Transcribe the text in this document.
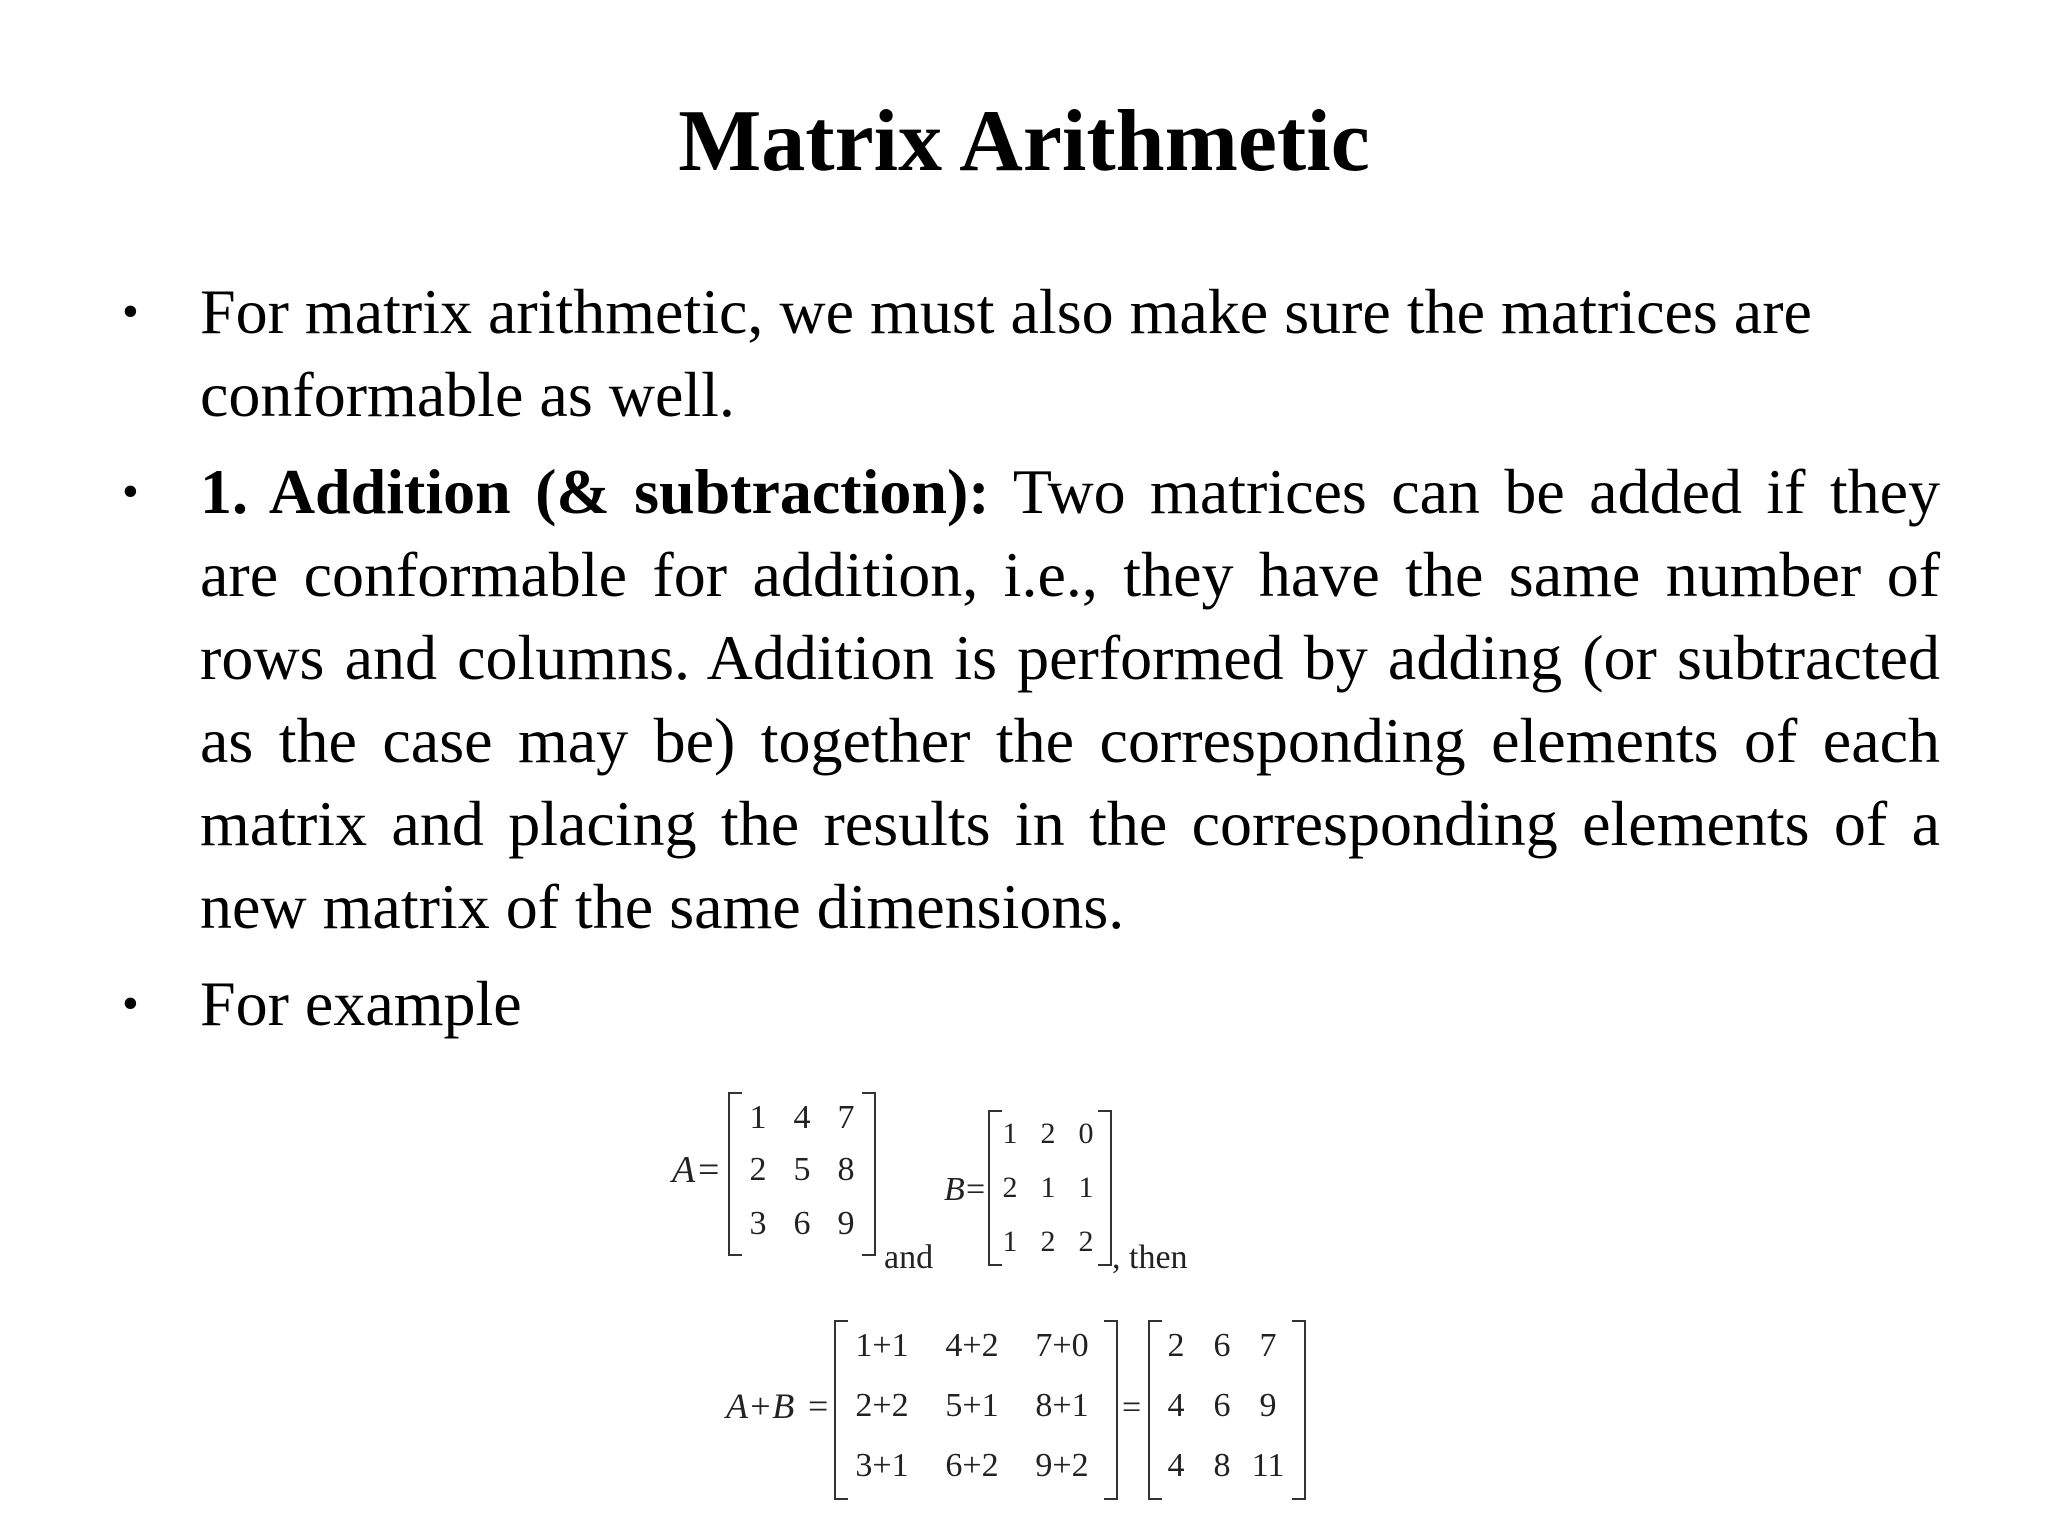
Matrix Arithmetic
• For matrix arithmetic, we must also make sure the matrices are conformable as well.
• 1. Addition (& subtraction): Two matrices can be added if they are conformable for addition, i.e., they have the same number of rows and columns. Addition is performed by adding (or subtracted as the case may be) together the corresponding elements of each matrix and placing the results in the corresponding elements of a new matrix of the same dimensions.
• For example
A =
1 4 7
2 5 8
3 6 9
and
B =
1 2 0
2 1 1
1 2 2 , then
A+B =
1+1	4+2	7+0
2+2	5+1	8+1
3+1	6+2	9+2
=
2 6 7
4 6 9
4 8 11
